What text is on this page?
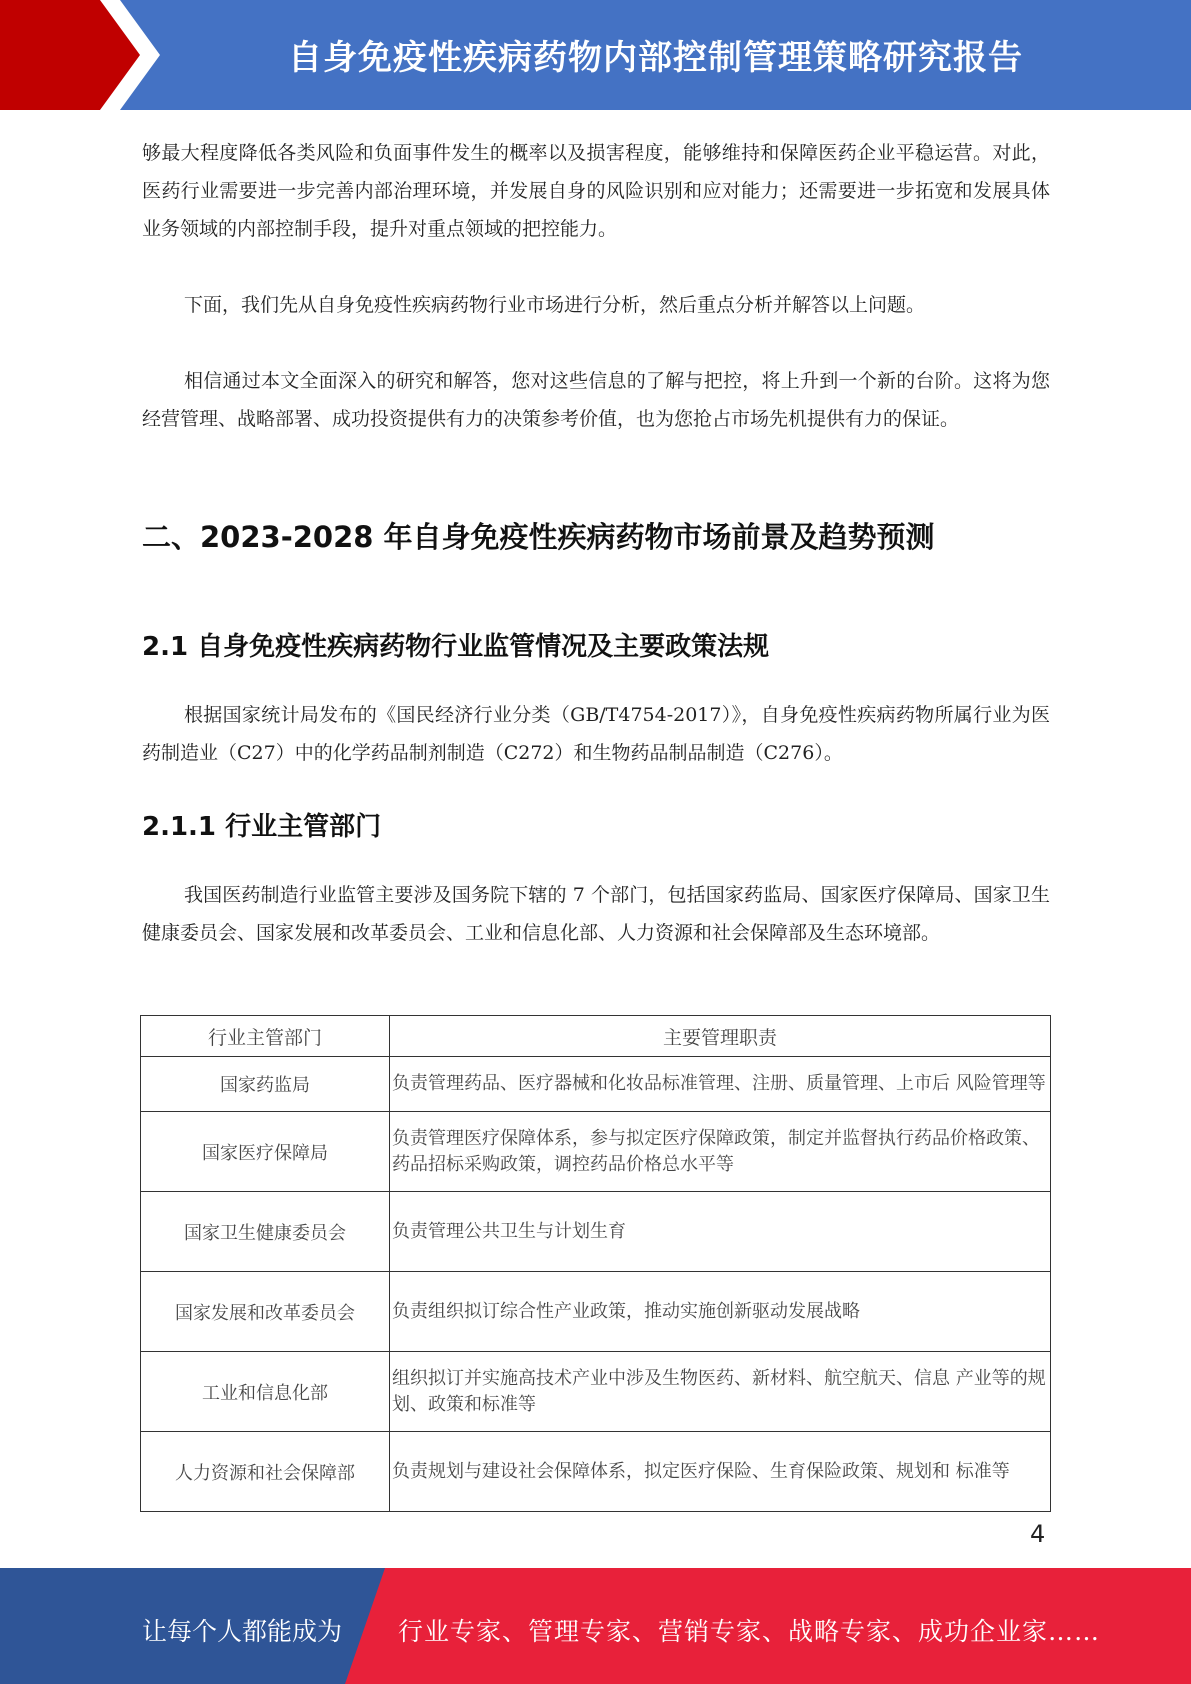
自身免疫性疾病药物内部控制管理策略研究报告

够最大程度降低各类风险和负面事件发生的概率以及损害程度，能够维持和保障医药企业平稳运营。对此，医药行业需要进一步完善内部治理环境，并发展自身的风险识别和应对能力；还需要进一步拓宽和发展具体业务领域的内部控制手段，提升对重点领域的把控能力。

下面，我们先从自身免疫性疾病药物行业市场进行分析，然后重点分析并解答以上问题。

相信通过本文全面深入的研究和解答，您对这些信息的了解与把控，将上升到一个新的台阶。这将为您经营管理、战略部署、成功投资提供有力的决策参考价值，也为您抢占市场先机提供有力的保证。

二、2023-2028 年自身免疫性疾病药物市场前景及趋势预测
2.1 自身免疫性疾病药物行业监管情况及主要政策法规

根据国家统计局发布的《国民经济行业分类（GB/T4754-2017）》，自身免疫性疾病药物所属行业为医药制造业（C27）中的化学药品制剂制造（C272）和生物药品制品制造（C276）。

2.1.1 行业主管部门

我国医药制造行业监管主要涉及国务院下辖的 7 个部门，包括国家药监局、国家医疗保障局、国家卫生健康委员会、国家发展和改革委员会、工业和信息化部、人力资源和社会保障部及生态环境部。

行业主管部门	主要管理职责
国家药监局	负责管理药品、医疗器械和化妆品标准管理、注册、质量管理、上市后 风险管理等
国家医疗保障局	负责管理医疗保障体系，参与拟定医疗保障政策，制定并监督执行药品价格政策、药品招标采购政策，调控药品价格总水平等
国家卫生健康委员会	负责管理公共卫生与计划生育
国家发展和改革委员会	负责组织拟订综合性产业政策，推动实施创新驱动发展战略
工业和信息化部	组织拟订并实施高技术产业中涉及生物医药、新材料、航空航天、信息 产业等的规划、政策和标准等
人力资源和社会保障部	负责规划与建设社会保障体系，拟定医疗保险、生育保险政策、规划和 标准等
4
让每个人都能成为 行业专家、管理专家、营销专家、战略专家、成功企业家……
